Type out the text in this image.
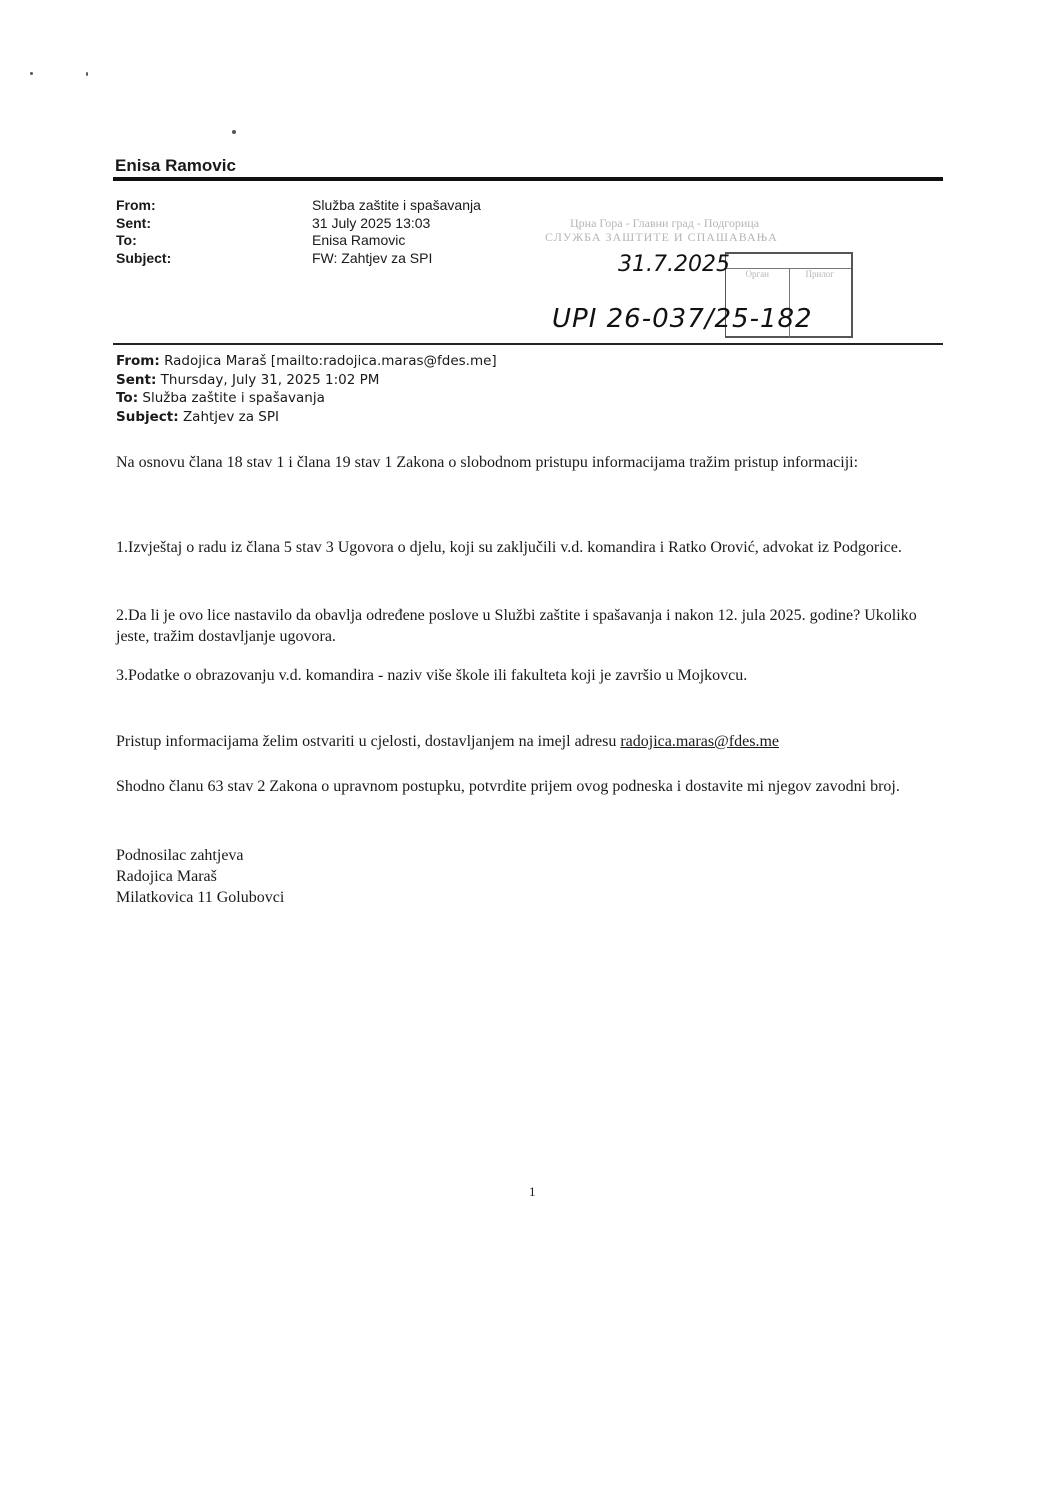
Enisa Ramovic
From:	Služba zaštite i spašavanja
Sent:	31 July 2025 13:03
To:	Enisa Ramovic
Subject:	FW: Zahtjev za SPI
Црна Гора - Главни град - Подгорица
СЛУЖБА ЗАШТИТЕ И СПАШАВАЊА
Орган	Прилог
31.7.2025
UPI 26-037/25-182
From: Radojica Maraš [mailto:radojica.maras@fdes.me]
Sent: Thursday, July 31, 2025 1:02 PM
To: Služba zaštite i spašavanja
Subject: Zahtjev za SPI
Na osnovu člana 18 stav 1 i člana 19 stav 1 Zakona o slobodnom pristupu informacijama tražim pristup informaciji:
1.Izvještaj o radu iz člana 5 stav 3 Ugovora o djelu, koji su zaključili v.d. komandira i Ratko Orović, advokat iz Podgorice.
2.Da li je ovo lice nastavilo da obavlja određene poslove u Službi zaštite i spašavanja i nakon 12. jula 2025. godine? Ukoliko jeste, tražim dostavljanje ugovora.
3.Podatke o obrazovanju v.d. komandira - naziv više škole ili fakulteta koji je završio u Mojkovcu.
Pristup informacijama želim ostvariti u cjelosti, dostavljanjem na imejl adresu radojica.maras@fdes.me
Shodno članu 63 stav 2 Zakona o upravnom postupku, potvrdite prijem ovog podneska i dostavite mi njegov zavodni broj.
Podnosilac zahtjeva
Radojica Maraš
Milatkovica 11 Golubovci
1
